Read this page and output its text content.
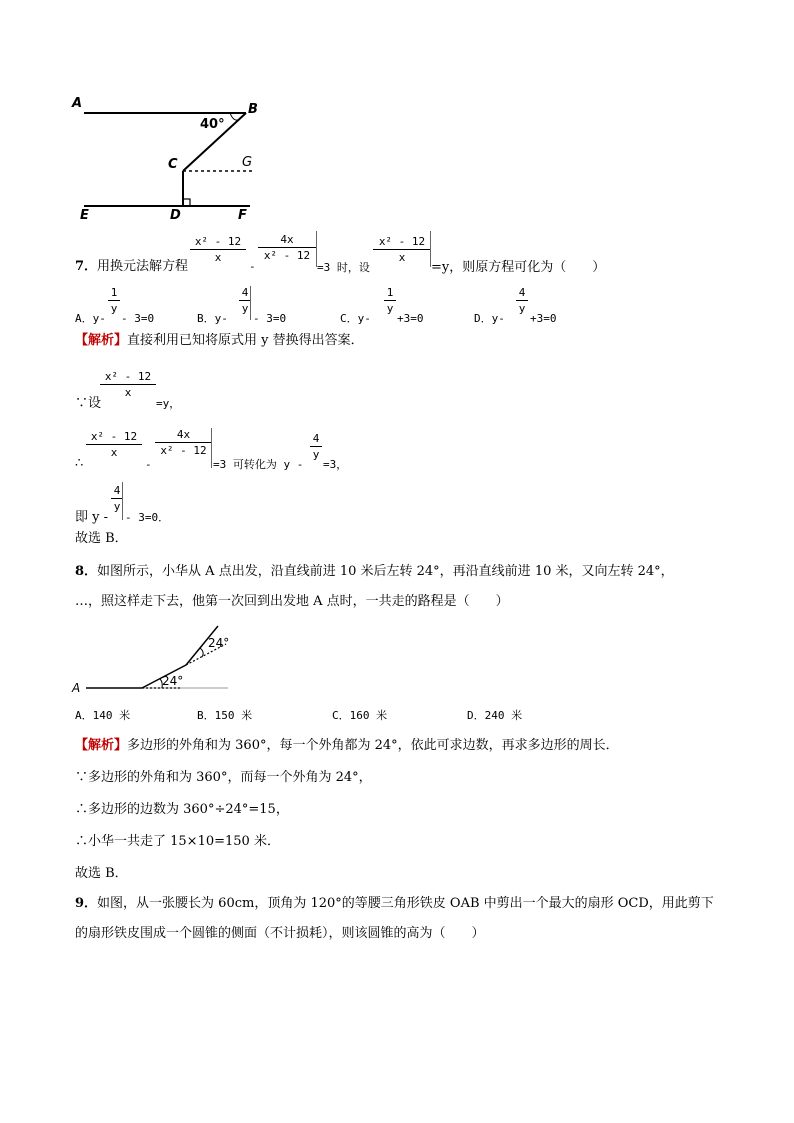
A	B
40°
C	G
E	D	F
7．用换元法解方程
$\frac{\text{x² - 12}}{x}$
-
$\frac{4x}{\text{x² - 12}}$
=3 时，设
$\frac{\text{x² - 12}}{x}$
=y，则原方程可化为（　　）
A．y-
$\frac{1}{y}$
- 3=0	B．y-
$\frac{4}{y}$
- 3=0	C．y-
$\frac{1}{y}$
+3=0	D．y-
$\frac{4}{y}$
+3=0
【解析】直接利用已知将原式用 y 替换得出答案．
∵设
$\frac{\text{x² - 12}}{x}$
=y，
∴
$\frac{\text{x² - 12}}{x}$
-
$\frac{4x}{\text{x² - 12}}$
=3 可转化为 y -
$\frac{4}{y}$
=3，
即 y -
$\frac{4}{y}$
- 3=0．
故选 B．
8．如图所示，小华从 A 点出发，沿直线前进 10 米后左转 24°，再沿直线前进 10 米，又向左转 24°，
…，照这样走下去，他第一次回到出发地 A 点时，一共走的路程是（　　）
A	24°
24°
A．140 米	B．150 米	C．160 米	D．240 米
【解析】多边形的外角和为 360°，每一个外角都为 24°，依此可求边数，再求多边形的周长．
∵多边形的外角和为 360°，而每一个外角为 24°，
∴多边形的边数为 360°÷24°=15，
∴小华一共走了 15×10=150 米．
故选 B．
9．如图，从一张腰长为 60cm，顶角为 120°的等腰三角形铁皮 OAB 中剪出一个最大的扇形 OCD，用此剪下
的扇形铁皮围成一个圆锥的侧面（不计损耗），则该圆锥的高为（　　）
